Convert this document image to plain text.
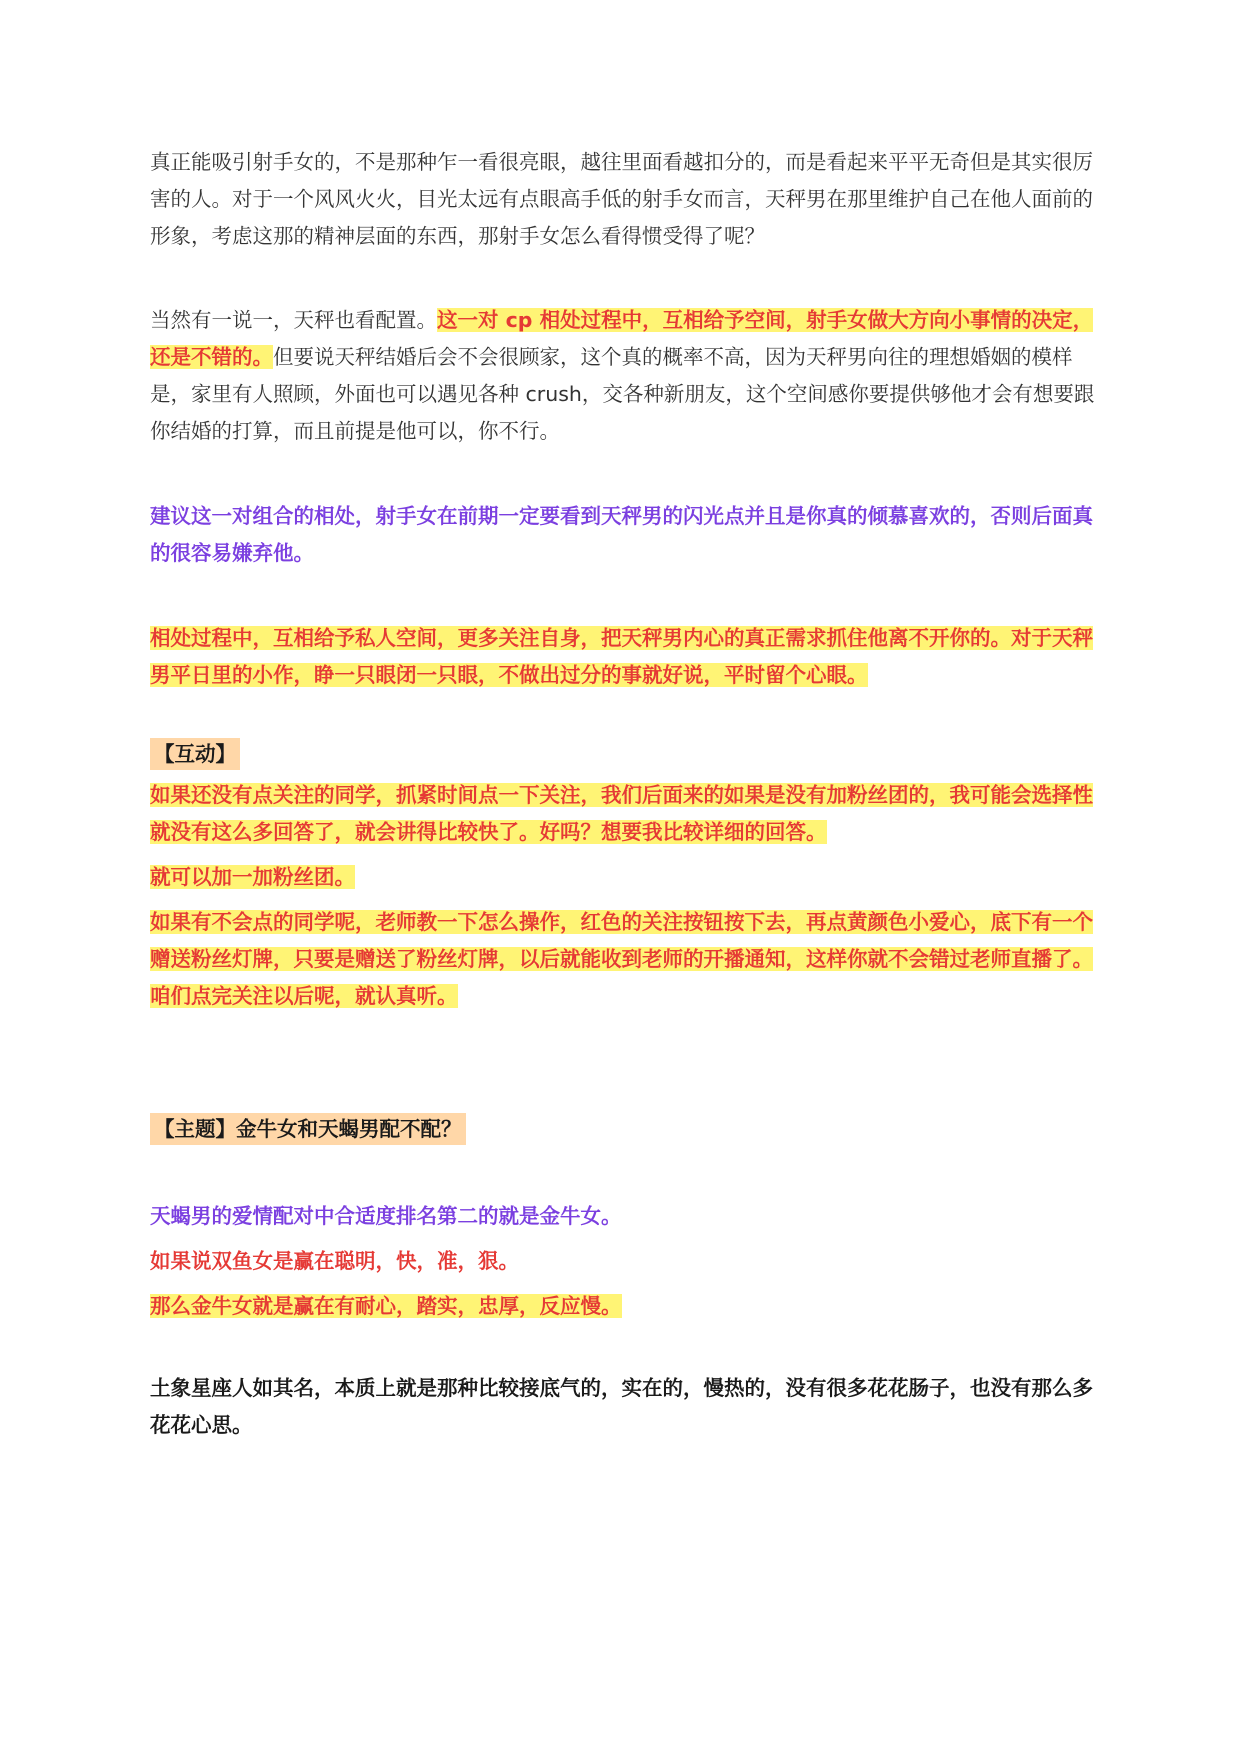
真正能吸引射手女的，不是那种乍一看很亮眼，越往里面看越扣分的，而是看起来平平无奇但是其实很厉害的人。对于一个风风火火，目光太远有点眼高手低的射手女而言，天秤男在那里维护自己在他人面前的形象，考虑这那的精神层面的东西，那射手女怎么看得惯受得了呢？

当然有一说一，天秤也看配置。这一对 cp 相处过程中，互相给予空间，射手女做大方向小事情的决定，还是不错的。但要说天秤结婚后会不会很顾家，这个真的概率不高，因为天秤男向往的理想婚姻的模样是，家里有人照顾，外面也可以遇见各种 crush，交各种新朋友，这个空间感你要提供够他才会有想要跟你结婚的打算，而且前提是他可以，你不行。

建议这一对组合的相处，射手女在前期一定要看到天秤男的闪光点并且是你真的倾慕喜欢的，否则后面真的很容易嫌弃他。

相处过程中，互相给予私人空间，更多关注自身，把天秤男内心的真正需求抓住他离不开你的。对于天秤男平日里的小作，睁一只眼闭一只眼，不做出过分的事就好说，平时留个心眼。

【互动】

如果还没有点关注的同学，抓紧时间点一下关注，我们后面来的如果是没有加粉丝团的，我可能会选择性就没有这么多回答了，就会讲得比较快了。好吗？想要我比较详细的回答。

就可以加一加粉丝团。

如果有不会点的同学呢，老师教一下怎么操作，红色的关注按钮按下去，再点黄颜色小爱心，底下有一个赠送粉丝灯牌，只要是赠送了粉丝灯牌，以后就能收到老师的开播通知，这样你就不会错过老师直播了。咱们点完关注以后呢，就认真听。

【主题】金牛女和天蝎男配不配？

天蝎男的爱情配对中合适度排名第二的就是金牛女。

如果说双鱼女是赢在聪明，快，准，狠。

那么金牛女就是赢在有耐心，踏实，忠厚，反应慢。

土象星座人如其名，本质上就是那种比较接底气的，实在的，慢热的，没有很多花花肠子，也没有那么多花花心思。
